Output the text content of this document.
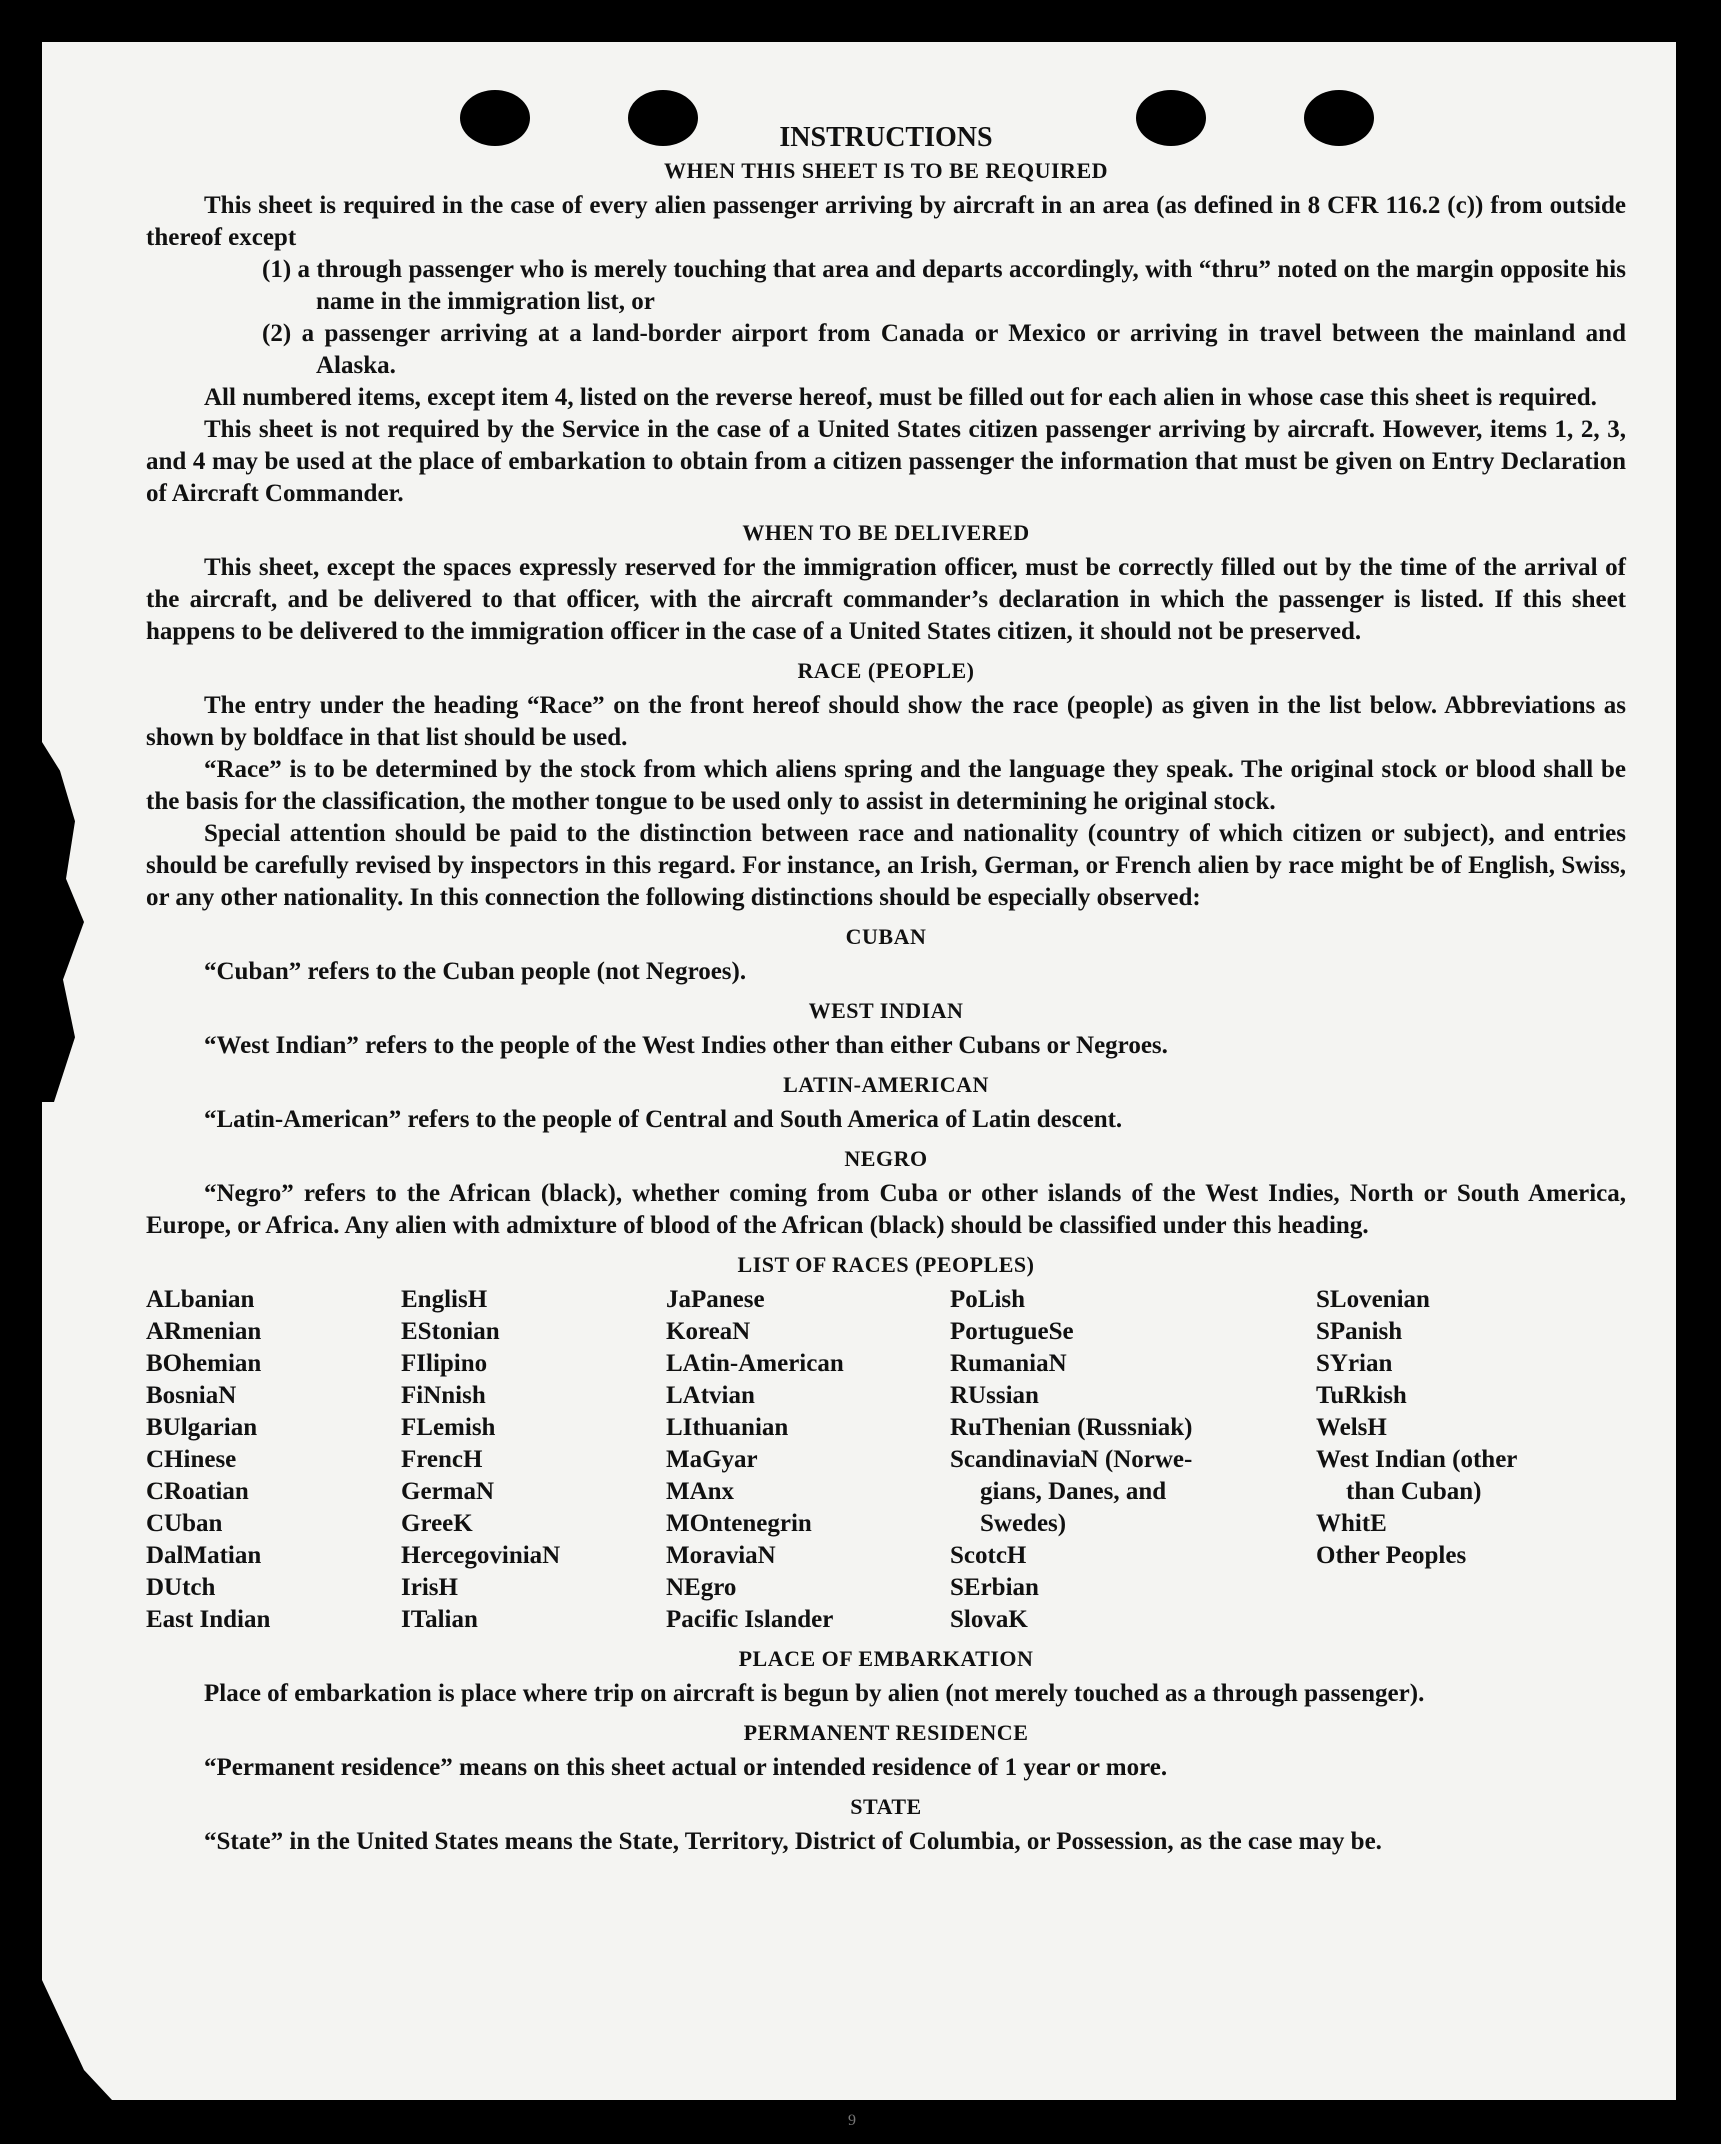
INSTRUCTIONS
WHEN THIS SHEET IS TO BE REQUIRED

This sheet is required in the case of every alien passenger arriving by aircraft in an area (as defined in 8 CFR 116.2 (c)) from outside thereof except

(1) a through passenger who is merely touching that area and departs accordingly, with “thru” noted on the margin opposite his name in the immigration list, or

(2) a passenger arriving at a land-border airport from Canada or Mexico or arriving in travel between the mainland and Alaska.

All numbered items, except item 4, listed on the reverse hereof, must be filled out for each alien in whose case this sheet is required.

This sheet is not required by the Service in the case of a United States citizen passenger arriving by aircraft. However, items 1, 2, 3, and 4 may be used at the place of embarkation to obtain from a citizen passenger the information that must be given on Entry Declaration of Aircraft Commander.

WHEN TO BE DELIVERED

This sheet, except the spaces expressly reserved for the immigration officer, must be correctly filled out by the time of the arrival of the aircraft, and be delivered to that officer, with the aircraft commander’s declaration in which the passenger is listed. If this sheet happens to be delivered to the immigration officer in the case of a United States citizen, it should not be preserved.

RACE (PEOPLE)

The entry under the heading “Race” on the front hereof should show the race (people) as given in the list below. Abbreviations as shown by boldface in that list should be used.

“Race” is to be determined by the stock from which aliens spring and the language they speak. The original stock or blood shall be the basis for the classification, the mother tongue to be used only to assist in determining he original stock.

Special attention should be paid to the distinction between race and nationality (country of which citizen or subject), and entries should be carefully revised by inspectors in this regard. For instance, an Irish, German, or French alien by race might be of English, Swiss, or any other nationality. In this connection the following distinctions should be especially observed:

CUBAN

“Cuban” refers to the Cuban people (not Negroes).

WEST INDIAN

“West Indian” refers to the people of the West Indies other than either Cubans or Negroes.

LATIN-AMERICAN

“Latin-American” refers to the people of Central and South America of Latin descent.

NEGRO

“Negro” refers to the African (black), whether coming from Cuba or other islands of the West Indies, North or South America, Europe, or Africa. Any alien with admixture of blood of the African (black) should be classified under this heading.

LIST OF RACES (PEOPLES)
ALbanian
ARmenian
BOhemian
BosniaN
BUlgarian
CHinese
CRoatian
CUban
DalMatian
DUtch
East Indian
EnglisH
EStonian
FIlipino
FiNnish
FLemish
FrencH
GermaN
GreeK
HercegoviniaN
IrisH
ITalian
JaPanese
KoreaN
LAtin-American
LAtvian
LIthuanian
MaGyar
MAnx
MOntenegrin
MoraviaN
NEgro
Pacific Islander
PoLish
PortugueSe
RumaniaN
RUssian
RuThenian (Russniak)
ScandinaviaN (Norwe-
gians, Danes, and
Swedes)
ScotcH
SErbian
SlovaK
SLovenian
SPanish
SYrian
TuRkish
WelsH
West Indian (other
than Cuban)
WhitE
Other Peoples
PLACE OF EMBARKATION

Place of embarkation is place where trip on aircraft is begun by alien (not merely touched as a through passenger).

PERMANENT RESIDENCE

“Permanent residence” means on this sheet actual or intended residence of 1 year or more.

STATE

“State” in the United States means the State, Territory, District of Columbia, or Possession, as the case may be.

9
